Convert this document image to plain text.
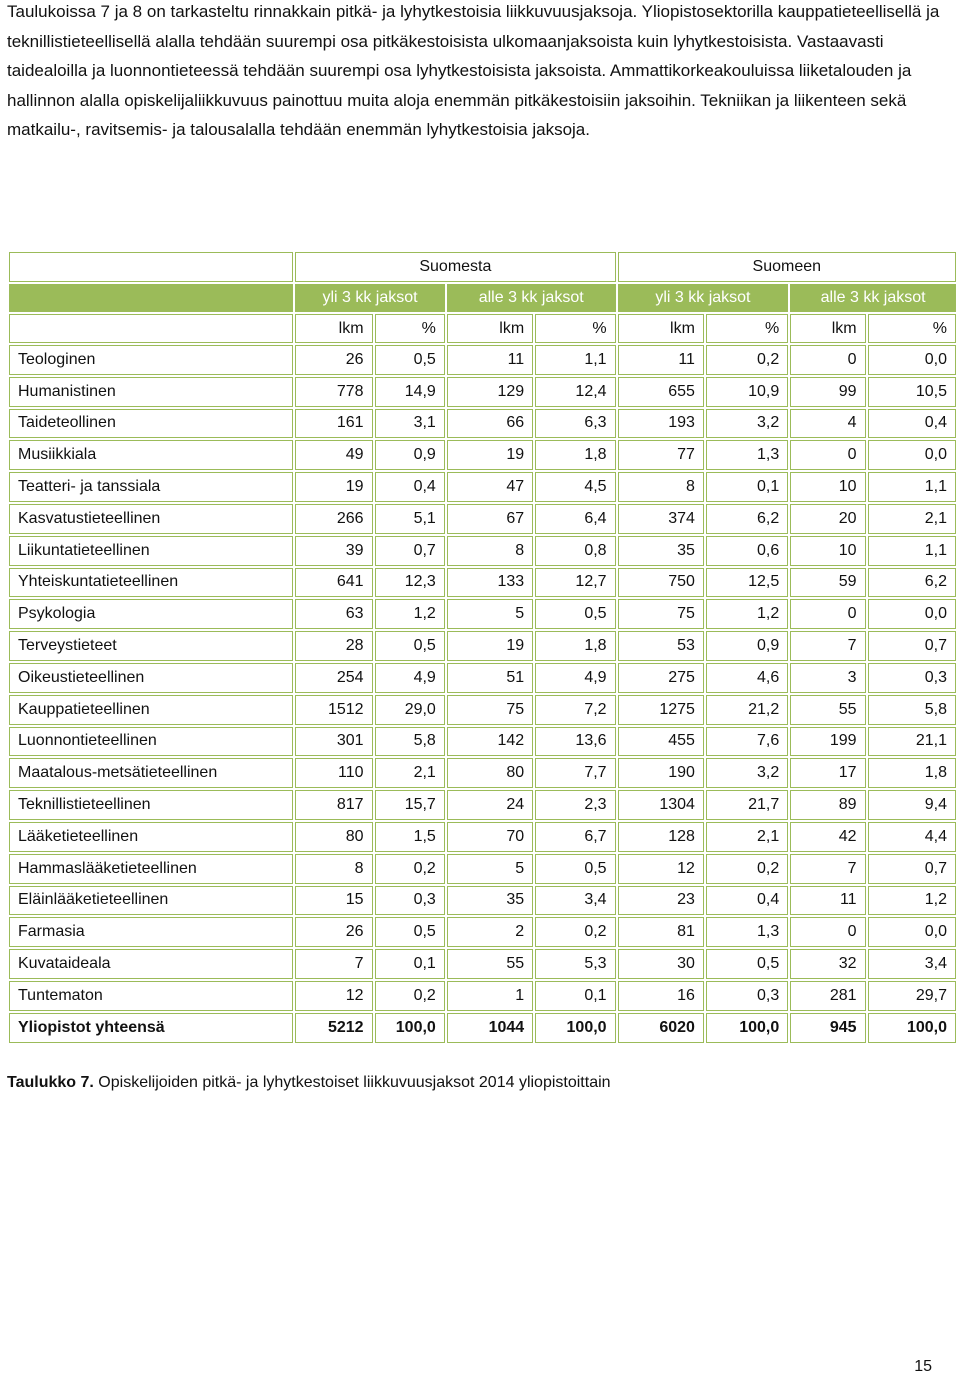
Taulukoissa 7 ja 8 on tarkasteltu rinnakkain pitkä- ja lyhytkestoisia liikkuvuusjaksoja. Yliopistosektorilla kauppatieteellisellä ja teknillistieteellisellä alalla tehdään suurempi osa pitkäkestoisista ulkomaanjaksoista kuin lyhytkestoisista. Vastaavasti taidealoilla ja luonnontieteessä tehdään suurempi osa lyhytkestoisista jaksoista. Ammattikorkeakouluissa liiketalouden ja hallinnon alalla opiskelijaliikkuvuus painottuu muita aloja enemmän pitkäkestoisiin jaksoihin. Tekniikan ja liikenteen sekä matkailu-, ravitsemis- ja talousalalla tehdään enemmän lyhytkestoisia jaksoja.

	Suomesta				Suomeen			
	yli 3 kk jaksot		alle 3 kk jaksot		yli 3 kk jaksot		alle 3 kk jaksot	
	lkm	%	lkm	%	lkm	%	lkm	%
Teologinen	26	0,5	11	1,1	11	0,2	0	0,0
Humanistinen	778	14,9	129	12,4	655	10,9	99	10,5
Taideteollinen	161	3,1	66	6,3	193	3,2	4	0,4
Musiikkiala	49	0,9	19	1,8	77	1,3	0	0,0
Teatteri- ja tanssiala	19	0,4	47	4,5	8	0,1	10	1,1
Kasvatustieteellinen	266	5,1	67	6,4	374	6,2	20	2,1
Liikuntatieteellinen	39	0,7	8	0,8	35	0,6	10	1,1
Yhteiskuntatieteellinen	641	12,3	133	12,7	750	12,5	59	6,2
Psykologia	63	1,2	5	0,5	75	1,2	0	0,0
Terveystieteet	28	0,5	19	1,8	53	0,9	7	0,7
Oikeustieteellinen	254	4,9	51	4,9	275	4,6	3	0,3
Kauppatieteellinen	1512	29,0	75	7,2	1275	21,2	55	5,8
Luonnontieteellinen	301	5,8	142	13,6	455	7,6	199	21,1
Maatalous-metsätieteellinen	110	2,1	80	7,7	190	3,2	17	1,8
Teknillistieteellinen	817	15,7	24	2,3	1304	21,7	89	9,4
Lääketieteellinen	80	1,5	70	6,7	128	2,1	42	4,4
Hammaslääketieteellinen	8	0,2	5	0,5	12	0,2	7	0,7
Eläinlääketieteellinen	15	0,3	35	3,4	23	0,4	11	1,2
Farmasia	26	0,5	2	0,2	81	1,3	0	0,0
Kuvataideala	7	0,1	55	5,3	30	0,5	32	3,4
Tuntematon	12	0,2	1	0,1	16	0,3	281	29,7
Yliopistot yhteensä	5212	100,0	1044	100,0	6020	100,0	945	100,0

Taulukko 7. Opiskelijoiden pitkä- ja lyhytkestoiset liikkuvuusjaksot 2014 yliopistoittain

15
